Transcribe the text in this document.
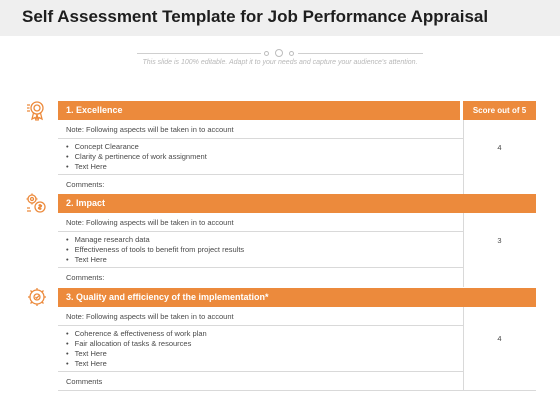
Self Assessment Template for Job Performance Appraisal
This slide is 100% editable. Adapt it to your needs and capture your audience's attention.
Score out of 5
1. Excellence
Note: Following aspects will be taken in to account
• Concept Clearance
• Clarity & pertinence of work assignment
• Text Here
4
Comments:
2. Impact
Note: Following aspects will be taken in to account
• Manage research data
• Effectiveness of tools to benefit from project results
• Text Here
3
Comments:
3. Quality and efficiency of the implementation*
Note: Following aspects will be taken in to account
• Coherence & effectiveness of work plan
• Fair allocation of tasks & resources
• Text Here
• Text Here
4
Comments
